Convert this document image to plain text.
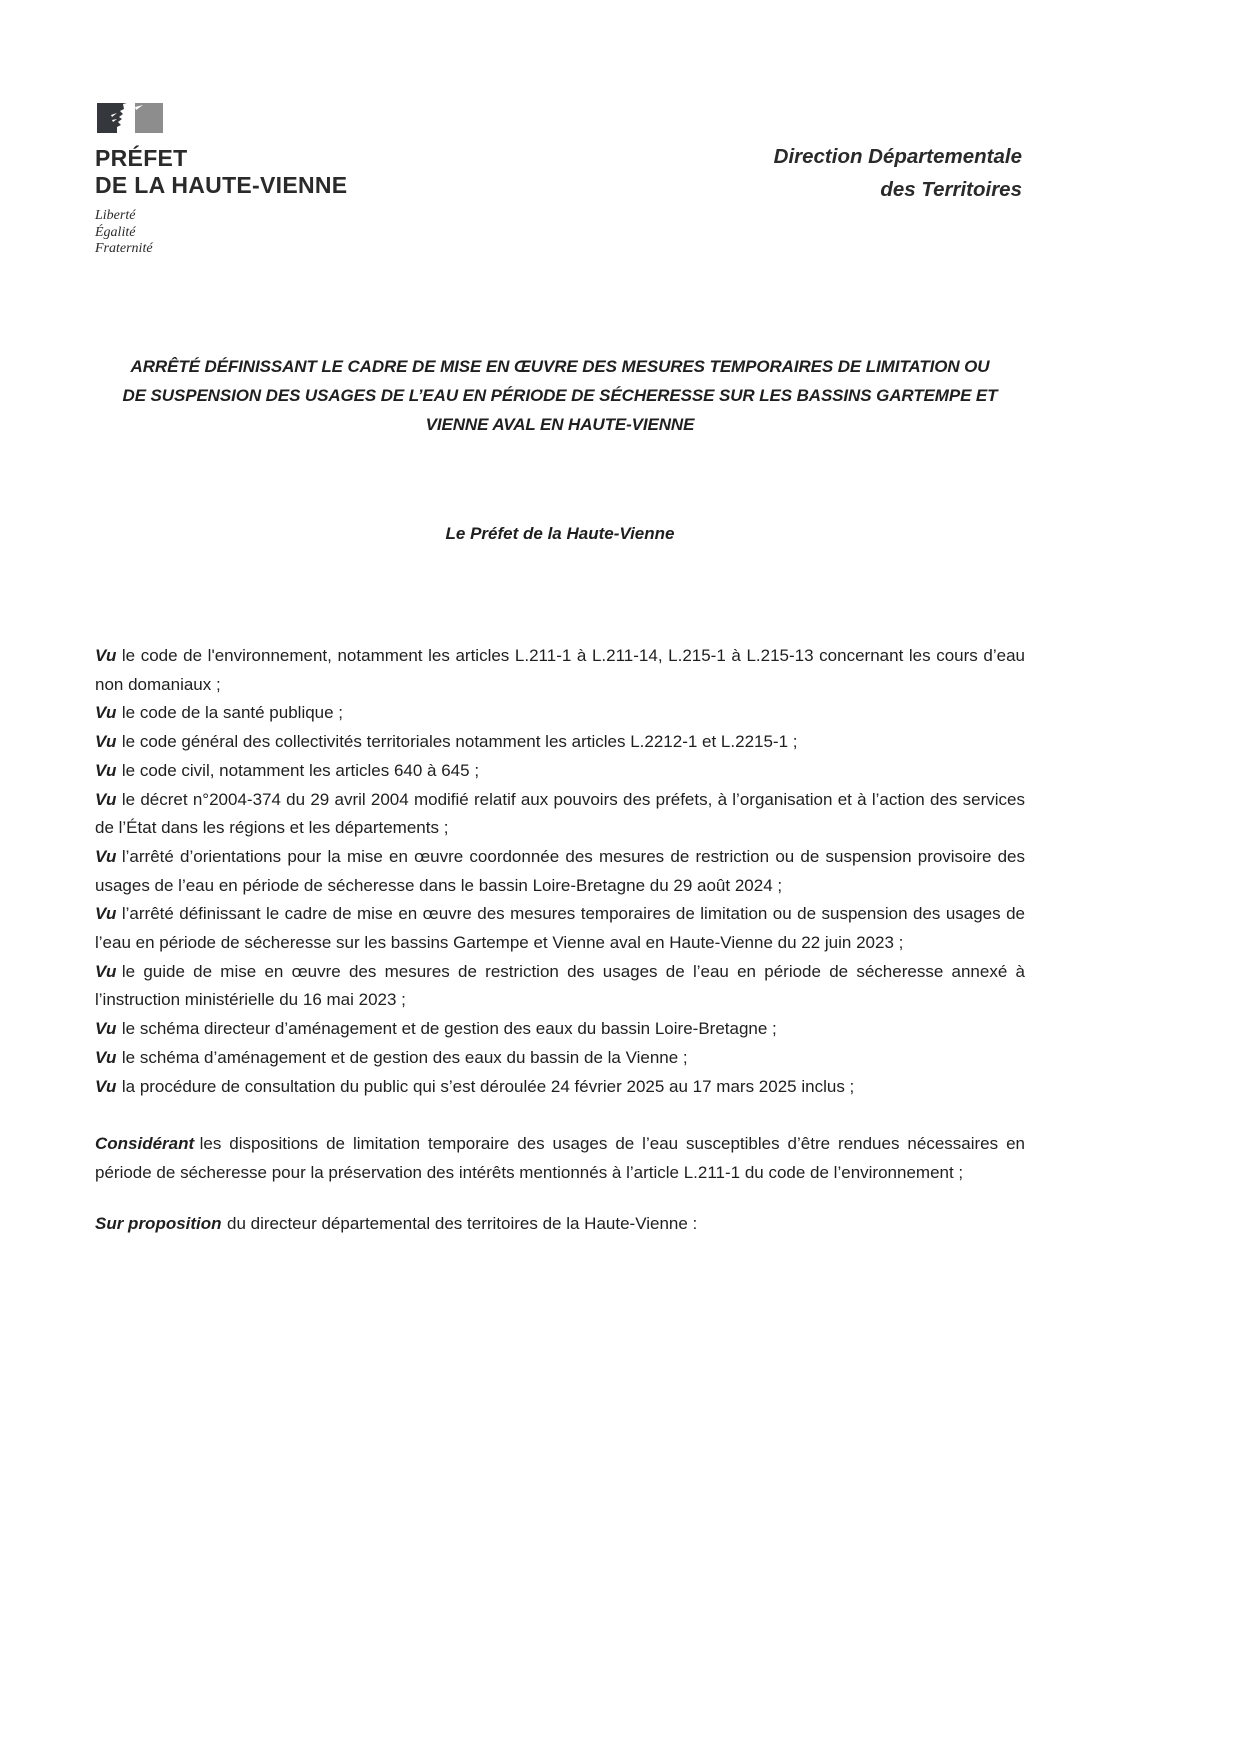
PRÉFET
DE LA HAUTE-VIENNE
Liberté
Égalité
Fraternité
Direction Départementale
des Territoires
ARRÊTÉ DÉFINISSANT LE CADRE DE MISE EN ŒUVRE DES MESURES TEMPORAIRES DE LIMITATION OU
DE SUSPENSION DES USAGES DE L’EAU EN PÉRIODE DE SÉCHERESSE SUR LES BASSINS GARTEMPE ET
VIENNE AVAL EN HAUTE-VIENNE
Le Préfet de la Haute-Vienne

Vu le code de l'environnement, notamment les articles L.211-1 à L.211-14, L.215-1 à L.215-13 concernant les cours d’eau non domaniaux ;

Vu le code de la santé publique ;

Vu le code général des collectivités territoriales notamment les articles L.2212-1 et L.2215-1 ;

Vu le code civil, notamment les articles 640 à 645 ;

Vu le décret n°2004-374 du 29 avril 2004 modifié relatif aux pouvoirs des préfets, à l’organisation et à l’action des services de l’État dans les régions et les départements ;

Vu l’arrêté d’orientations pour la mise en œuvre coordonnée des mesures de restriction ou de suspension provisoire des usages de l’eau en période de sécheresse dans le bassin Loire-Bretagne du 29 août 2024 ;

Vu l’arrêté définissant le cadre de mise en œuvre des mesures temporaires de limitation ou de suspension des usages de l’eau en période de sécheresse sur les bassins Gartempe et Vienne aval en Haute-Vienne du 22 juin 2023 ;

Vu le guide de mise en œuvre des mesures de restriction des usages de l’eau en période de sécheresse annexé à l’instruction ministérielle du 16 mai 2023 ;

Vu le schéma directeur d’aménagement et de gestion des eaux du bassin Loire-Bretagne ;

Vu le schéma d’aménagement et de gestion des eaux du bassin de la Vienne ;

Vu la procédure de consultation du public qui s’est déroulée 24 février 2025 au 17 mars 2025 inclus ;

Considérant les dispositions de limitation temporaire des usages de l’eau susceptibles d’être rendues nécessaires en période de sécheresse pour la préservation des intérêts mentionnés à l’article L.211-1 du code de l’environnement ;

Sur proposition du directeur départemental des territoires de la Haute-Vienne :
